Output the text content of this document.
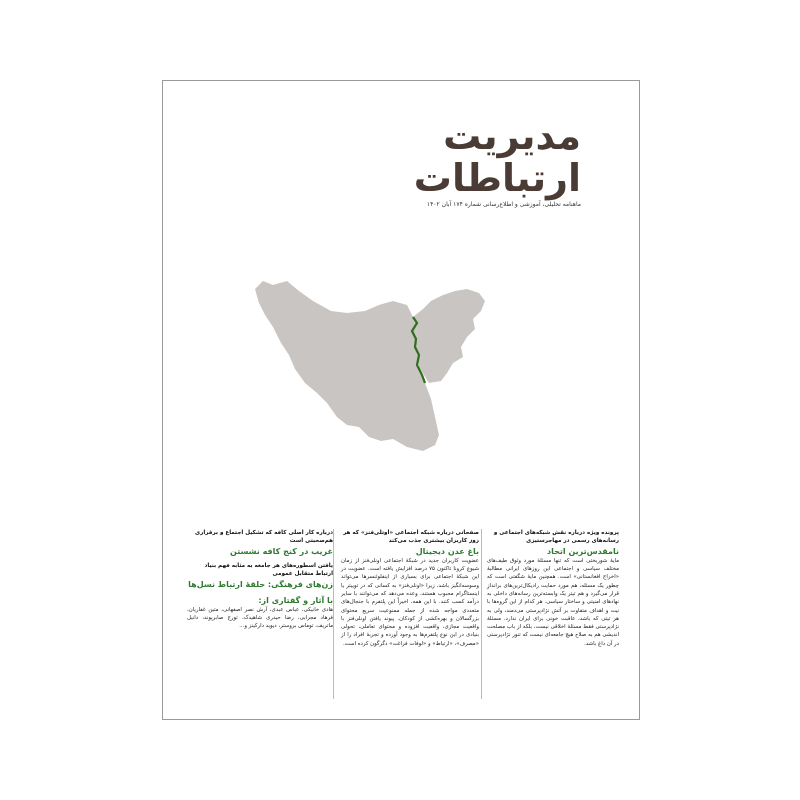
مدیریت
ارتباطات
ماهنامه تحلیلی، آموزشی و اطلاع‌رسانی شماره ۱۷۴ آبان ۱۴۰۲

پرونده ویژه درباره نقش شبکه‌های اجتماعی و رسانه‌های رسمی در مهاجرستیزی

نامقدس‌ترین اتحاد

مایهٔ شوربختی است که تنها مسئلهٔ مورد وثوق طیف‌های مختلف سیاسی و اجتماعی این روزهای ایرانی مطالبهٔ «اخراج افغانستانی» است. همچنین مایهٔ شگفتی است که چطور یک مسئله، هم مورد حمایت رادیکال‌ترین‌های براندازِ قرار می‌گیرد و هم تیتر یک وابسته‌ترین رسانه‌های داخلی به نهادهای امنیتی و ساختار سیاسی. هر کدام از این گروه‌ها با نیت و اهداف متفاوت بر آتش نژادپرستی می‌دمند، ولی به هر تیتی که باشد، عاقبت خونی برای ایران ندارد. مسئلهٔ نژادپرستی فقط مسئلهٔ اخلاقی نیست، بلکه از باب مصلحت اندیشی هم به صلاح هیچ جامعه‌ای نیست که تنور نژادپرستی در آن داغ باشد.

صفحاتی درباره شبکه اجتماعی «اوتلی‌فنز» که هر روز کاربران بیشتری جذب می‌کند

باغ عدن دیجیتال

عضویت کاربران جدید در شبکهٔ اجتماعی اونلی‌فنز از زمان شیوع کرونا تاکنون ۷۵ درصد افزایش یافته است. عضویت در این شبکهٔ اجتماعی برای بسیاری از اینفلوئنسرها می‌تواند وسوسه‌انگیز باشد، زیرا «اونلی‌فنز» به کسانی که در توییتر یا اینستاگرام محبوب هستند، وعده می‌دهد که می‌توانند با سایر درآمد کسب کنند. با این همه، اخیراً این پلتفرم با جنجال‌های متعددی مواجه شده از جمله ممنوعیت سریع محتوای بزرگسالان و بهره‌کشی از کودکان. پیوند یافتن اونلی‌فنز با واقعیت مجازی، واقعیت افزوده و محتوای تعاملی، تحولی بنیادی در این نوع پلتفرم‌ها به وجود آورده و تجربهٔ افراد را از «مصرف»، «ارتباط» و «لوفات فراغت» دگرگون کرده است.

درباره کار اصلی کافه که تشکیل اجتماع و برقراری هم‌صحبتی است

غریب در کنج کافه نشستن

یافتن اسطوره‌های هر جامعه به مثابه فهم بنیاد ارتباط متقابل عمومی

زن‌های فرهنگی: حلقهٔ ارتباط نسل‌ها

با آثار و گفتاری از:

هادی خانیکی، عباس عبدی، آرش نصر اصفهانی، متین غفاریان، فرهاد مجرابی، رضا حیدری شاهیدک، تورج صابرپوند، دانیل ماتریف، توماس بروستر، دیوید دارکینز و...
